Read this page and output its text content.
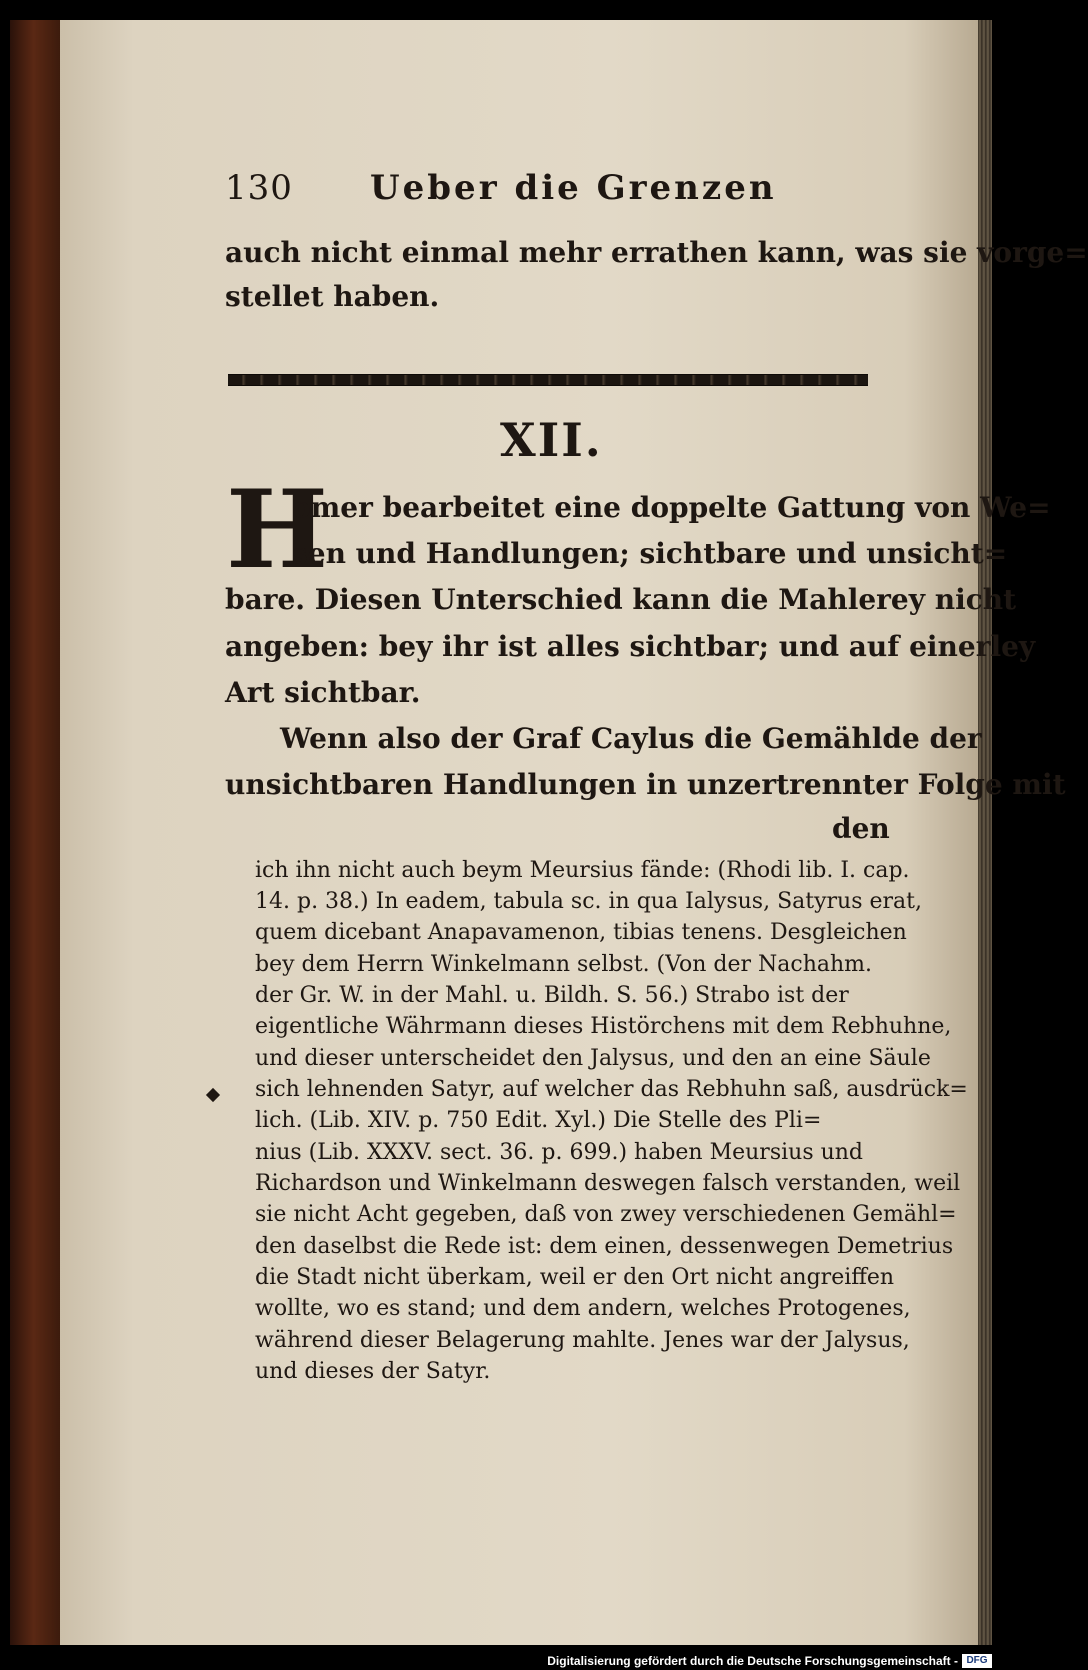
130 Ueber die Grenzen
auch nicht einmal mehr errathen kann, was sie vorge=
stellet haben.
XII.
H
omer bearbeitet eine doppelte Gattung von We=
sen und Handlungen; sichtbare und unsicht=
bare. Diesen Unterschied kann die Mahlerey nicht
angeben: bey ihr ist alles sichtbar; und auf einerley
Art sichtbar.
Wenn also der Graf Caylus die Gemählde der
unsichtbaren Handlungen in unzertrennter Folge mit
den
ich ihn nicht auch beym Meursius fände: (Rhodi lib. I. cap.
14. p. 38.) In eadem, tabula sc. in qua Ialysus, Satyrus erat,
quem dicebant Anapavamenon, tibias tenens. Desgleichen
bey dem Herrn Winkelmann selbst. (Von der Nachahm.
der Gr. W. in der Mahl. u. Bildh. S. 56.) Strabo ist der
eigentliche Währmann dieses Histörchens mit dem Rebhuhne,
und dieser unterscheidet den Jalysus, und den an eine Säule
sich lehnenden Satyr, auf welcher das Rebhuhn saß, ausdrück=
lich. (Lib. XIV. p. 750 Edit. Xyl.) Die Stelle des Pli=
nius (Lib. XXXV. sect. 36. p. 699.) haben Meursius und
Richardson und Winkelmann deswegen falsch verstanden, weil
sie nicht Acht gegeben, daß von zwey verschiedenen Gemähl=
den daselbst die Rede ist: dem einen, dessenwegen Demetrius
die Stadt nicht überkam, weil er den Ort nicht angreiffen
wollte, wo es stand; und dem andern, welches Protogenes,
während dieser Belagerung mahlte. Jenes war der Jalysus,
und dieses der Satyr.
Digitalisierung gefördert durch die Deutsche Forschungsgemeinschaft - DFG
